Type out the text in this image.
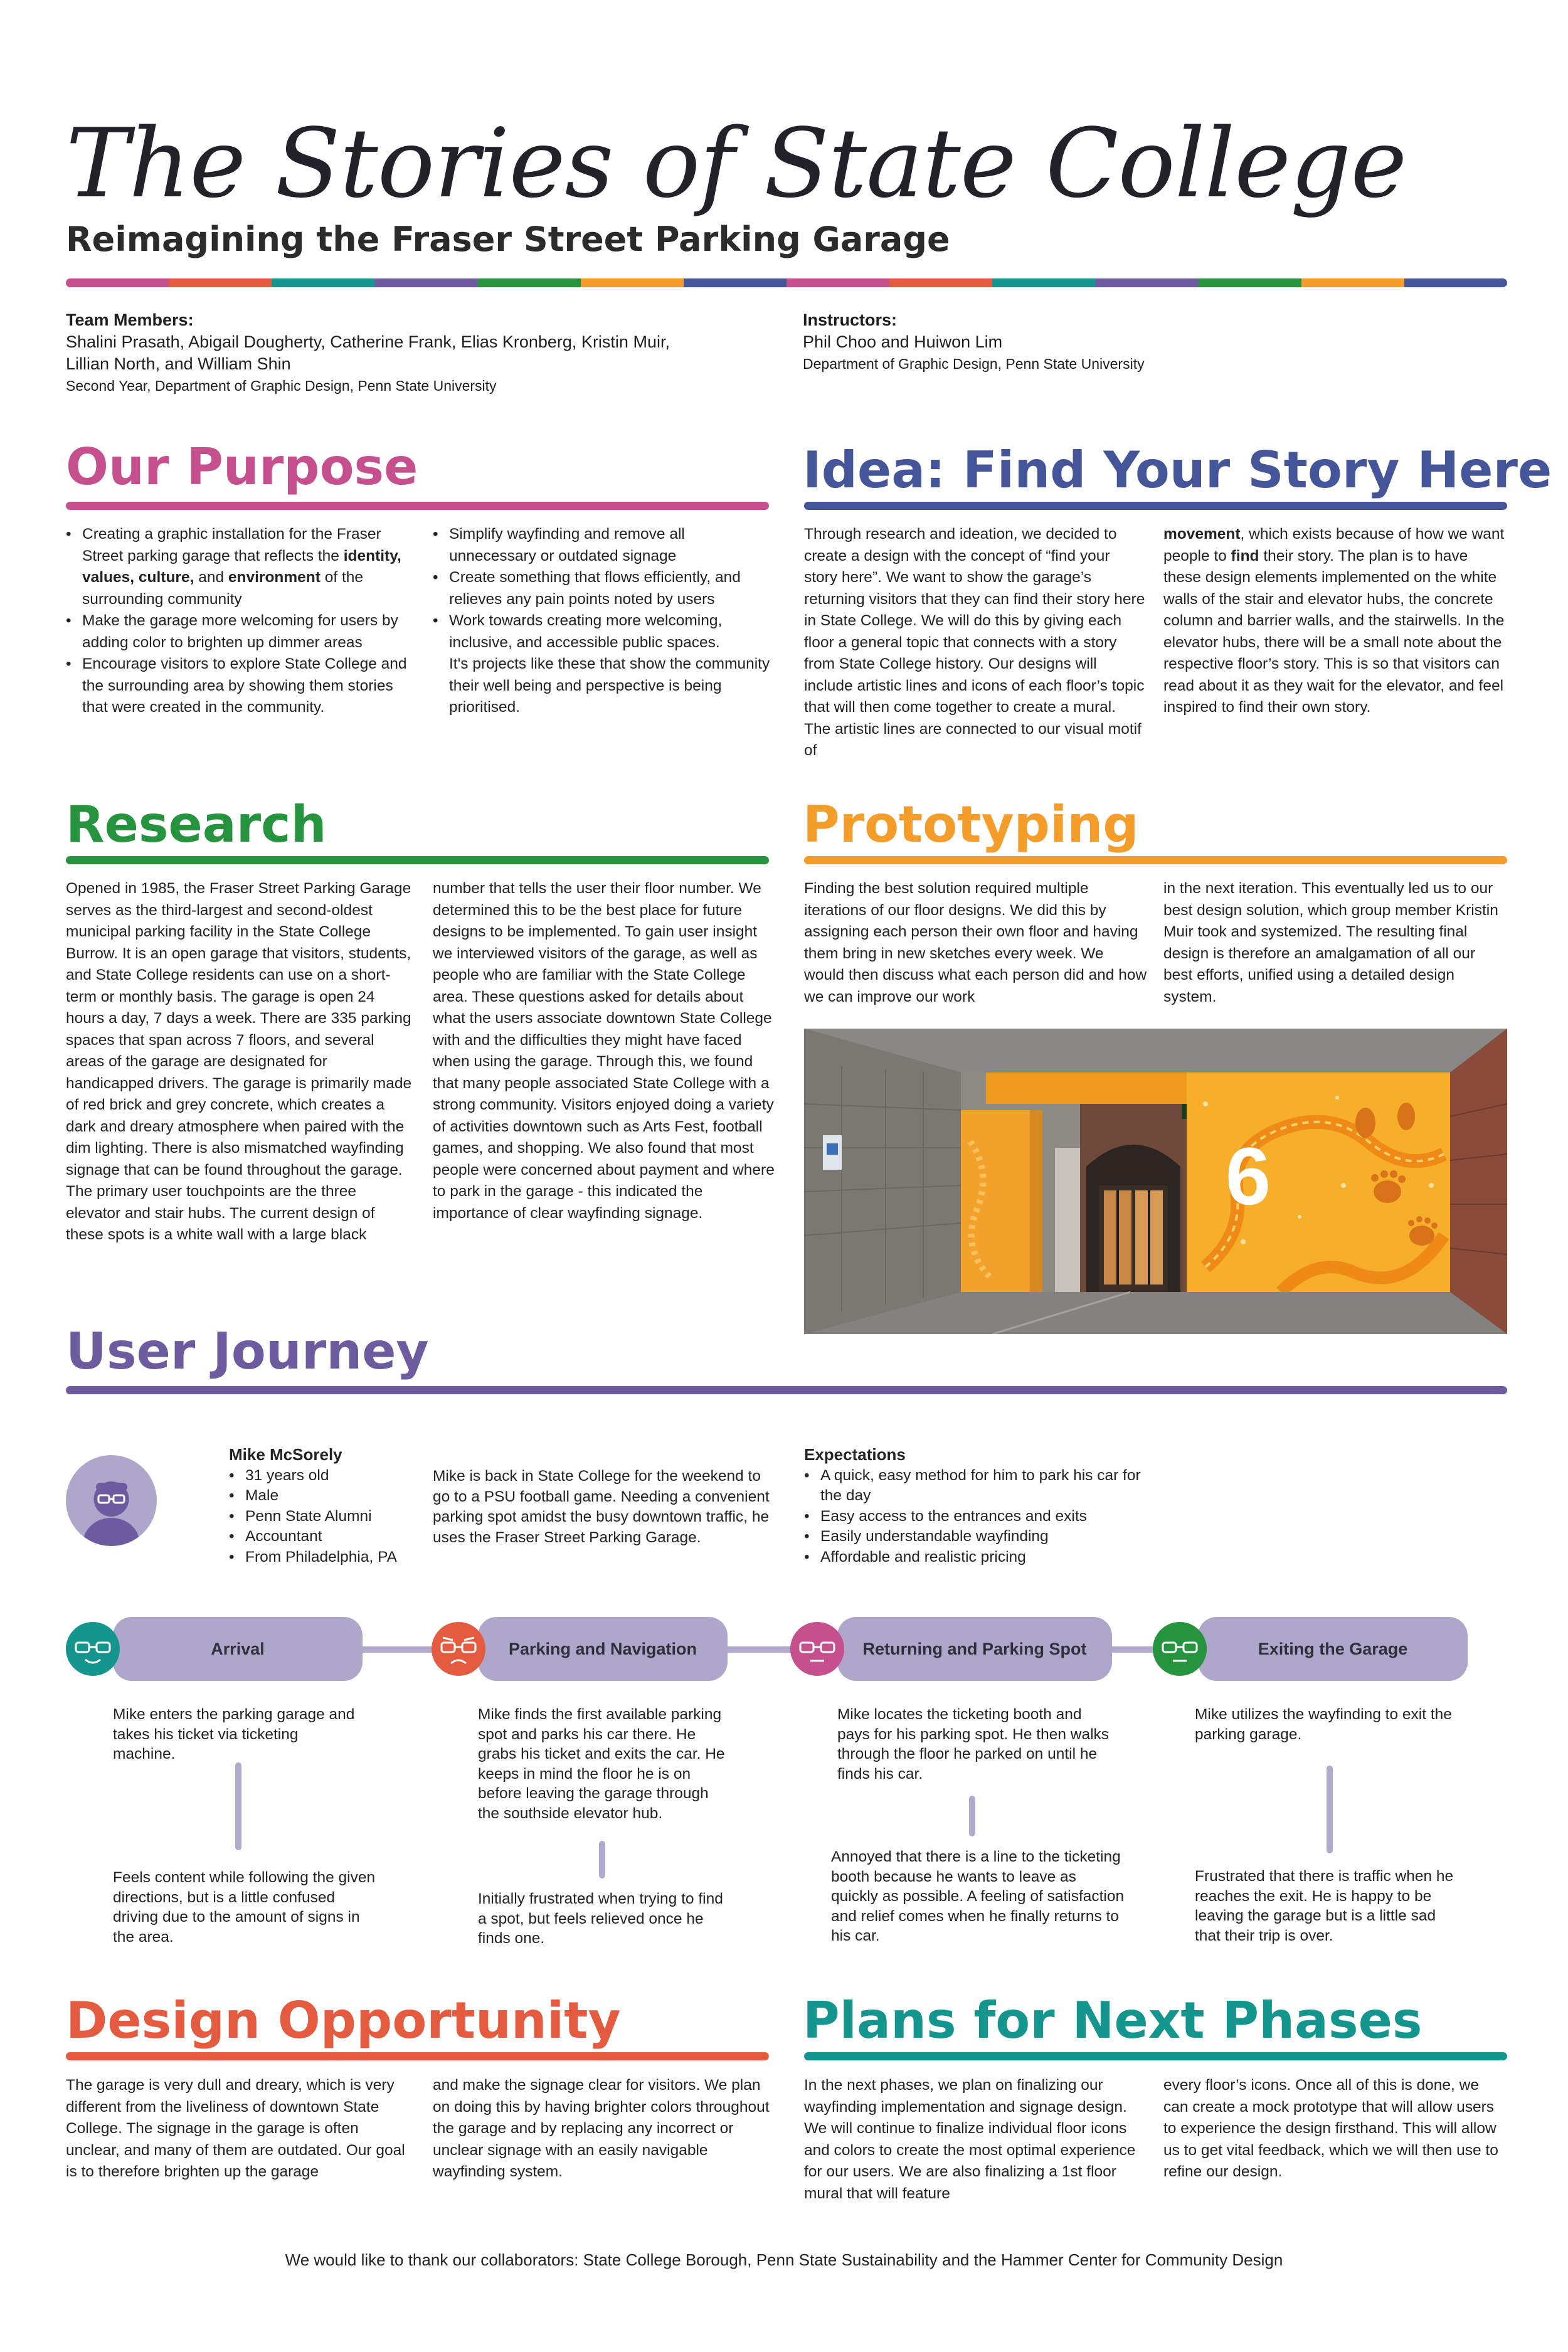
The Stories of State College
Reimagining the Fraser Street Parking Garage
Team Members:
Shalini Prasath, Abigail Dougherty, Catherine Frank, Elias Kronberg, Kristin Muir,
Lillian North, and William Shin
Second Year, Department of Graphic Design, Penn State University
Instructors:
Phil Choo and Huiwon Lim
Department of Graphic Design, Penn State University
Our Purpose
• Creating a graphic installation for the Fraser Street parking garage that reflects the identity, values, culture, and environment of the surrounding community
• Make the garage more welcoming for users by adding color to brighten up dimmer areas
• Encourage visitors to explore State College and the surrounding area by showing them stories that were created in the community.
• Simplify wayfinding and remove all unnecessary or outdated signage
• Create something that flows efficiently, and relieves any pain points noted by users
• Work towards creating more welcoming, inclusive, and accessible public spaces.
It's projects like these that show the community their well being and perspective is being prioritised.
Idea: Find Your Story Here
Through research and ideation, we decided to create a design with the concept of “find your story here”. We want to show the garage’s returning visitors that they can find their story here in State College. We will do this by giving each floor a general topic that connects with a story from State College history. Our designs will include artistic lines and icons of each floor’s topic that will then come together to create a mural. The artistic lines are connected to our visual motif of
movement, which exists because of how we want people to find their story. The plan is to have these design elements implemented on the white walls of the stair and elevator hubs, the concrete column and barrier walls, and the stairwells. In the elevator hubs, there will be a small note about the respective floor’s story. This is so that visitors can read about it as they wait for the elevator, and feel inspired to find their own story.
Research

Opened in 1985, the Fraser Street Parking Garage serves as the third-largest and second-oldest municipal parking facility in the State College Burrow. It is an open garage that visitors, students, and State College residents can use on a short-term or monthly basis. The garage is open 24 hours a day, 7 days a week. There are 335 parking spaces that span across 7 floors, and several areas of the garage are designated for handicapped drivers. The garage is primarily made of red brick and grey concrete, which creates a dark and dreary atmosphere when paired with the dim lighting. There is also mismatched wayfinding signage that can be found throughout the garage.

The primary user touchpoints are the three elevator and stair hubs. The current design of these spots is a white wall with a large black

number that tells the user their floor number. We determined this to be the best place for future designs to be implemented. To gain user insight we interviewed visitors of the garage, as well as people who are familiar with the State College area. These questions asked for details about what the users associate downtown State College with and the difficulties they might have faced when using the garage. Through this, we found that many people associated State College with a strong community. Visitors enjoyed doing a variety of activities downtown such as Arts Fest, football games, and shopping. We also found that most people were concerned about payment and where to park in the garage - this indicated the importance of clear wayfinding signage.
Prototyping
Finding the best solution required multiple iterations of our floor designs. We did this by assigning each person their own floor and having them bring in new sketches every week. We would then discuss what each person did and how we can improve our work
in the next iteration. This eventually led us to our best design solution, which group member Kristin Muir took and systemized. The resulting final design is therefore an amalgamation of all our best efforts, unified using a detailed design system.
6
User Journey
Mike McSorely
• 31 years old
• Male
• Penn State Alumni
• Accountant
• From Philadelphia, PA
Mike is back in State College for the weekend to go to a PSU football game. Needing a convenient parking spot amidst the busy downtown traffic, he uses the Fraser Street Parking Garage.
Expectations
• A quick, easy method for him to park his car for the day
• Easy access to the entrances and exits
• Easily understandable wayfinding
• Affordable and realistic pricing
Arrival
Mike enters the parking garage and takes his ticket via ticketing machine.
Feels content while following the given directions, but is a little confused driving due to the amount of signs in the area.
Parking and Navigation
Mike finds the first available parking spot and parks his car there. He grabs his ticket and exits the car. He keeps in mind the floor he is on before leaving the garage through the southside elevator hub.
Initially frustrated when trying to find a spot, but feels relieved once he finds one.
Returning and Parking Spot
Mike locates the ticketing booth and pays for his parking spot. He then walks through the floor he parked on until he finds his car.
Annoyed that there is a line to the ticketing booth because he wants to leave as quickly as possible. A feeling of satisfaction and relief comes when he finally returns to his car.
Exiting the Garage
Mike utilizes the wayfinding to exit the parking garage.
Frustrated that there is traffic when he reaches the exit. He is happy to be leaving the garage but is a little sad that their trip is over.
Design Opportunity
The garage is very dull and dreary, which is very different from the liveliness of downtown State College. The signage in the garage is often unclear, and many of them are outdated. Our goal is to therefore brighten up the garage
and make the signage clear for visitors. We plan on doing this by having brighter colors throughout the garage and by replacing any incorrect or unclear signage with an easily navigable wayfinding system.
Plans for Next Phases
In the next phases, we plan on finalizing our wayfinding implementation and signage design. We will continue to finalize individual floor icons and colors to create the most optimal experience for our users. We are also finalizing a 1st floor mural that will feature
every floor’s icons. Once all of this is done, we can create a mock prototype that will allow users to experience the design firsthand. This will allow us to get vital feedback, which we will then use to refine our design.
We would like to thank our collaborators: State College Borough, Penn State Sustainability and the Hammer Center for Community Design
